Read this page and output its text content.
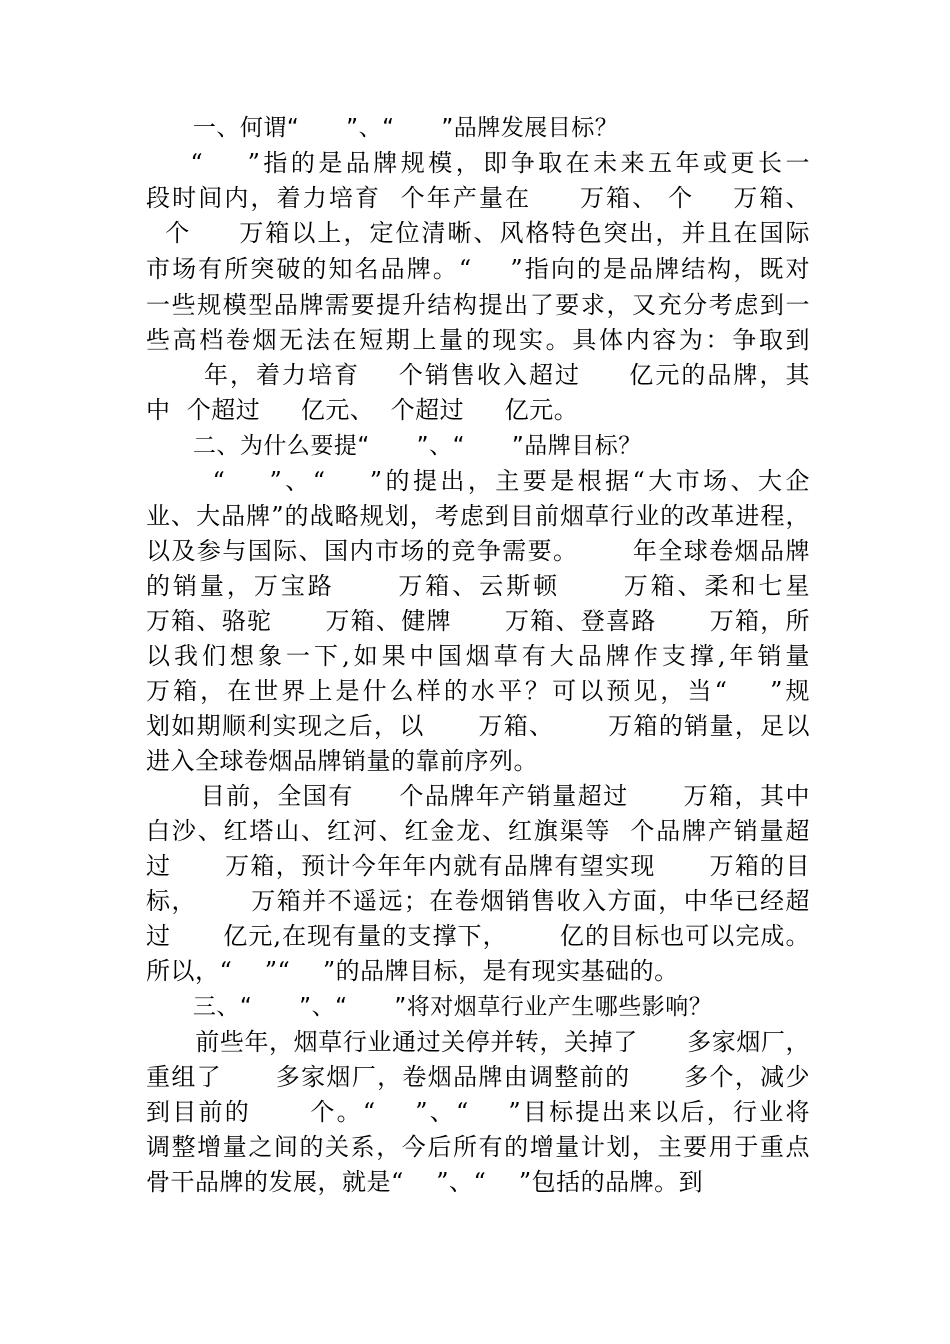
一、何谓“      ”、“      ”品牌发展目标？
“    ”指的是品牌规模，即争取在未来五年或更长一
段时间内，着力培育  个年产量在     万箱、 个    万箱、
个     万箱以上，定位清晰、风格特色突出，并且在国际
市场有所突破的知名品牌。“    ”指向的是品牌结构，既对
一些规模型品牌需要提升结构提出了要求，又充分考虑到一
些高档卷烟无法在短期上量的现实。具体内容为：争取到
年，着力培育    个销售收入超过     亿元的品牌，其
中  个超过     亿元、  个超过     亿元。
二、为什么要提“      ”、“      ”品牌目标？
“    ”、“    ”的提出，主要是根据“大市场、大企
业、大品牌”的战略规划，考虑到目前烟草行业的改革进程，
以及参与国际、国内市场的竞争需要。      年全球卷烟品牌
的销量，万宝路      万箱、云斯顿      万箱、柔和七星
万箱、骆驼      万箱、健牌      万箱、登喜路      万箱，所
以我们想象一下,如果中国烟草有大品牌作支撑,年销量
万箱，在世界上是什么样的水平？可以预见，当“    ”规
划如期顺利实现之后，以      万箱、      万箱的销量，足以
进入全球卷烟品牌销量的靠前序列。
目前，全国有     个品牌年产销量超过      万箱，其中
白沙、红塔山、红河、红金龙、红旗渠等  个品牌产销量超
过      万箱，预计今年年内就有品牌有望实现      万箱的目
标，      万箱并不遥远；在卷烟销售收入方面，中华已经超
过      亿元,在现有量的支撑下，      亿的目标也可以完成。
所以，“    ”“    ”的品牌目标，是有现实基础的。
三、“      ”、“      ”将对烟草行业产生哪些影响？
前些年，烟草行业通过关停并转，关掉了      多家烟厂，
重组了      多家烟厂，卷烟品牌由调整前的      多个，减少
到目前的      个。“    ”、“    ”目标提出来以后，行业将
调整增量之间的关系，今后所有的增量计划，主要用于重点
骨干品牌的发展，就是“    ”、“    ”包括的品牌。到
